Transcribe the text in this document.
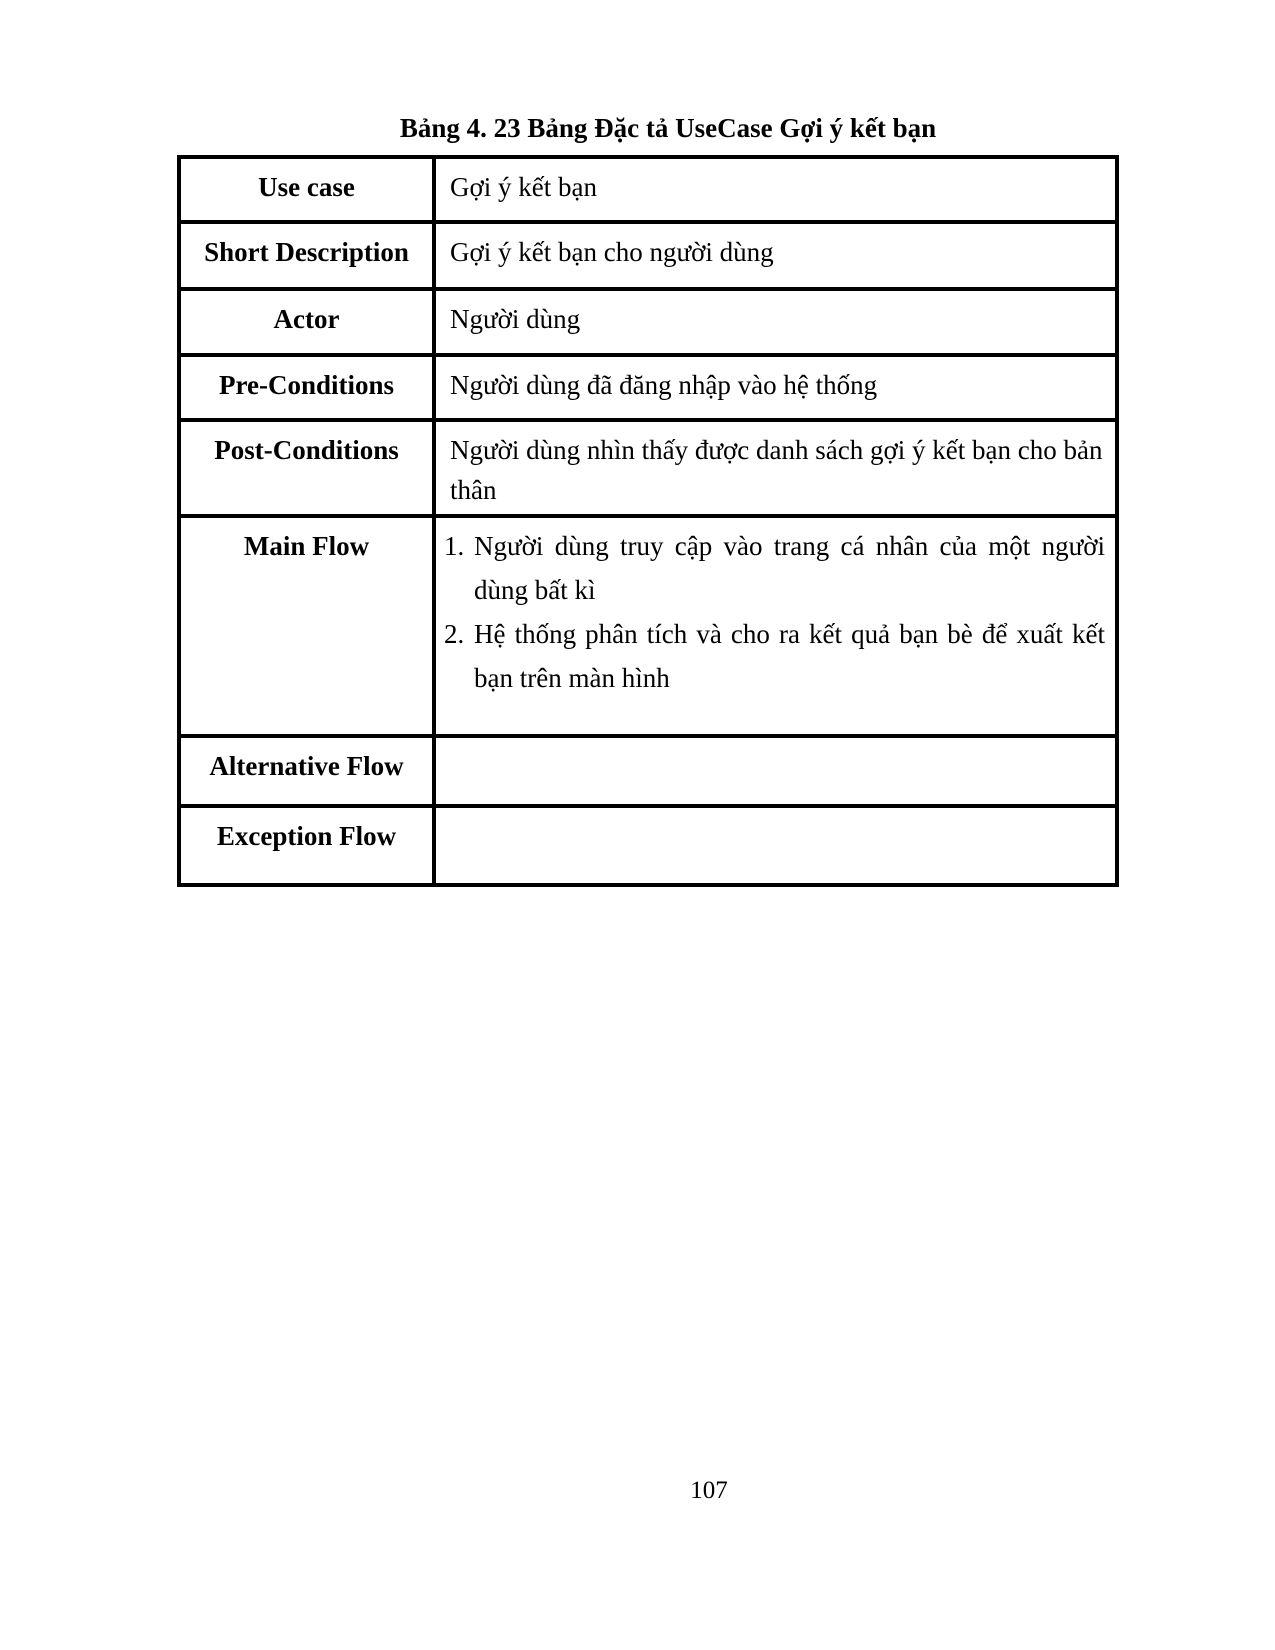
Bảng 4. 23 Bảng Đặc tả UseCase Gợi ý kết bạn
Use case	Gợi ý kết bạn
Short Description	Gợi ý kết bạn cho người dùng
Actor	Người dùng
Pre-Conditions	Người dùng đã đăng nhập vào hệ thống
Post-Conditions	Người dùng nhìn thấy được danh sách gợi ý kết bạn cho bản thân
Main Flow	1. Người dùng truy cập vào trang cá nhân của một người dùng bất kì
2. Hệ thống phân tích và cho ra kết quả bạn bè để xuất kết bạn trên màn hình

Alternative Flow	
Exception Flow	
107
